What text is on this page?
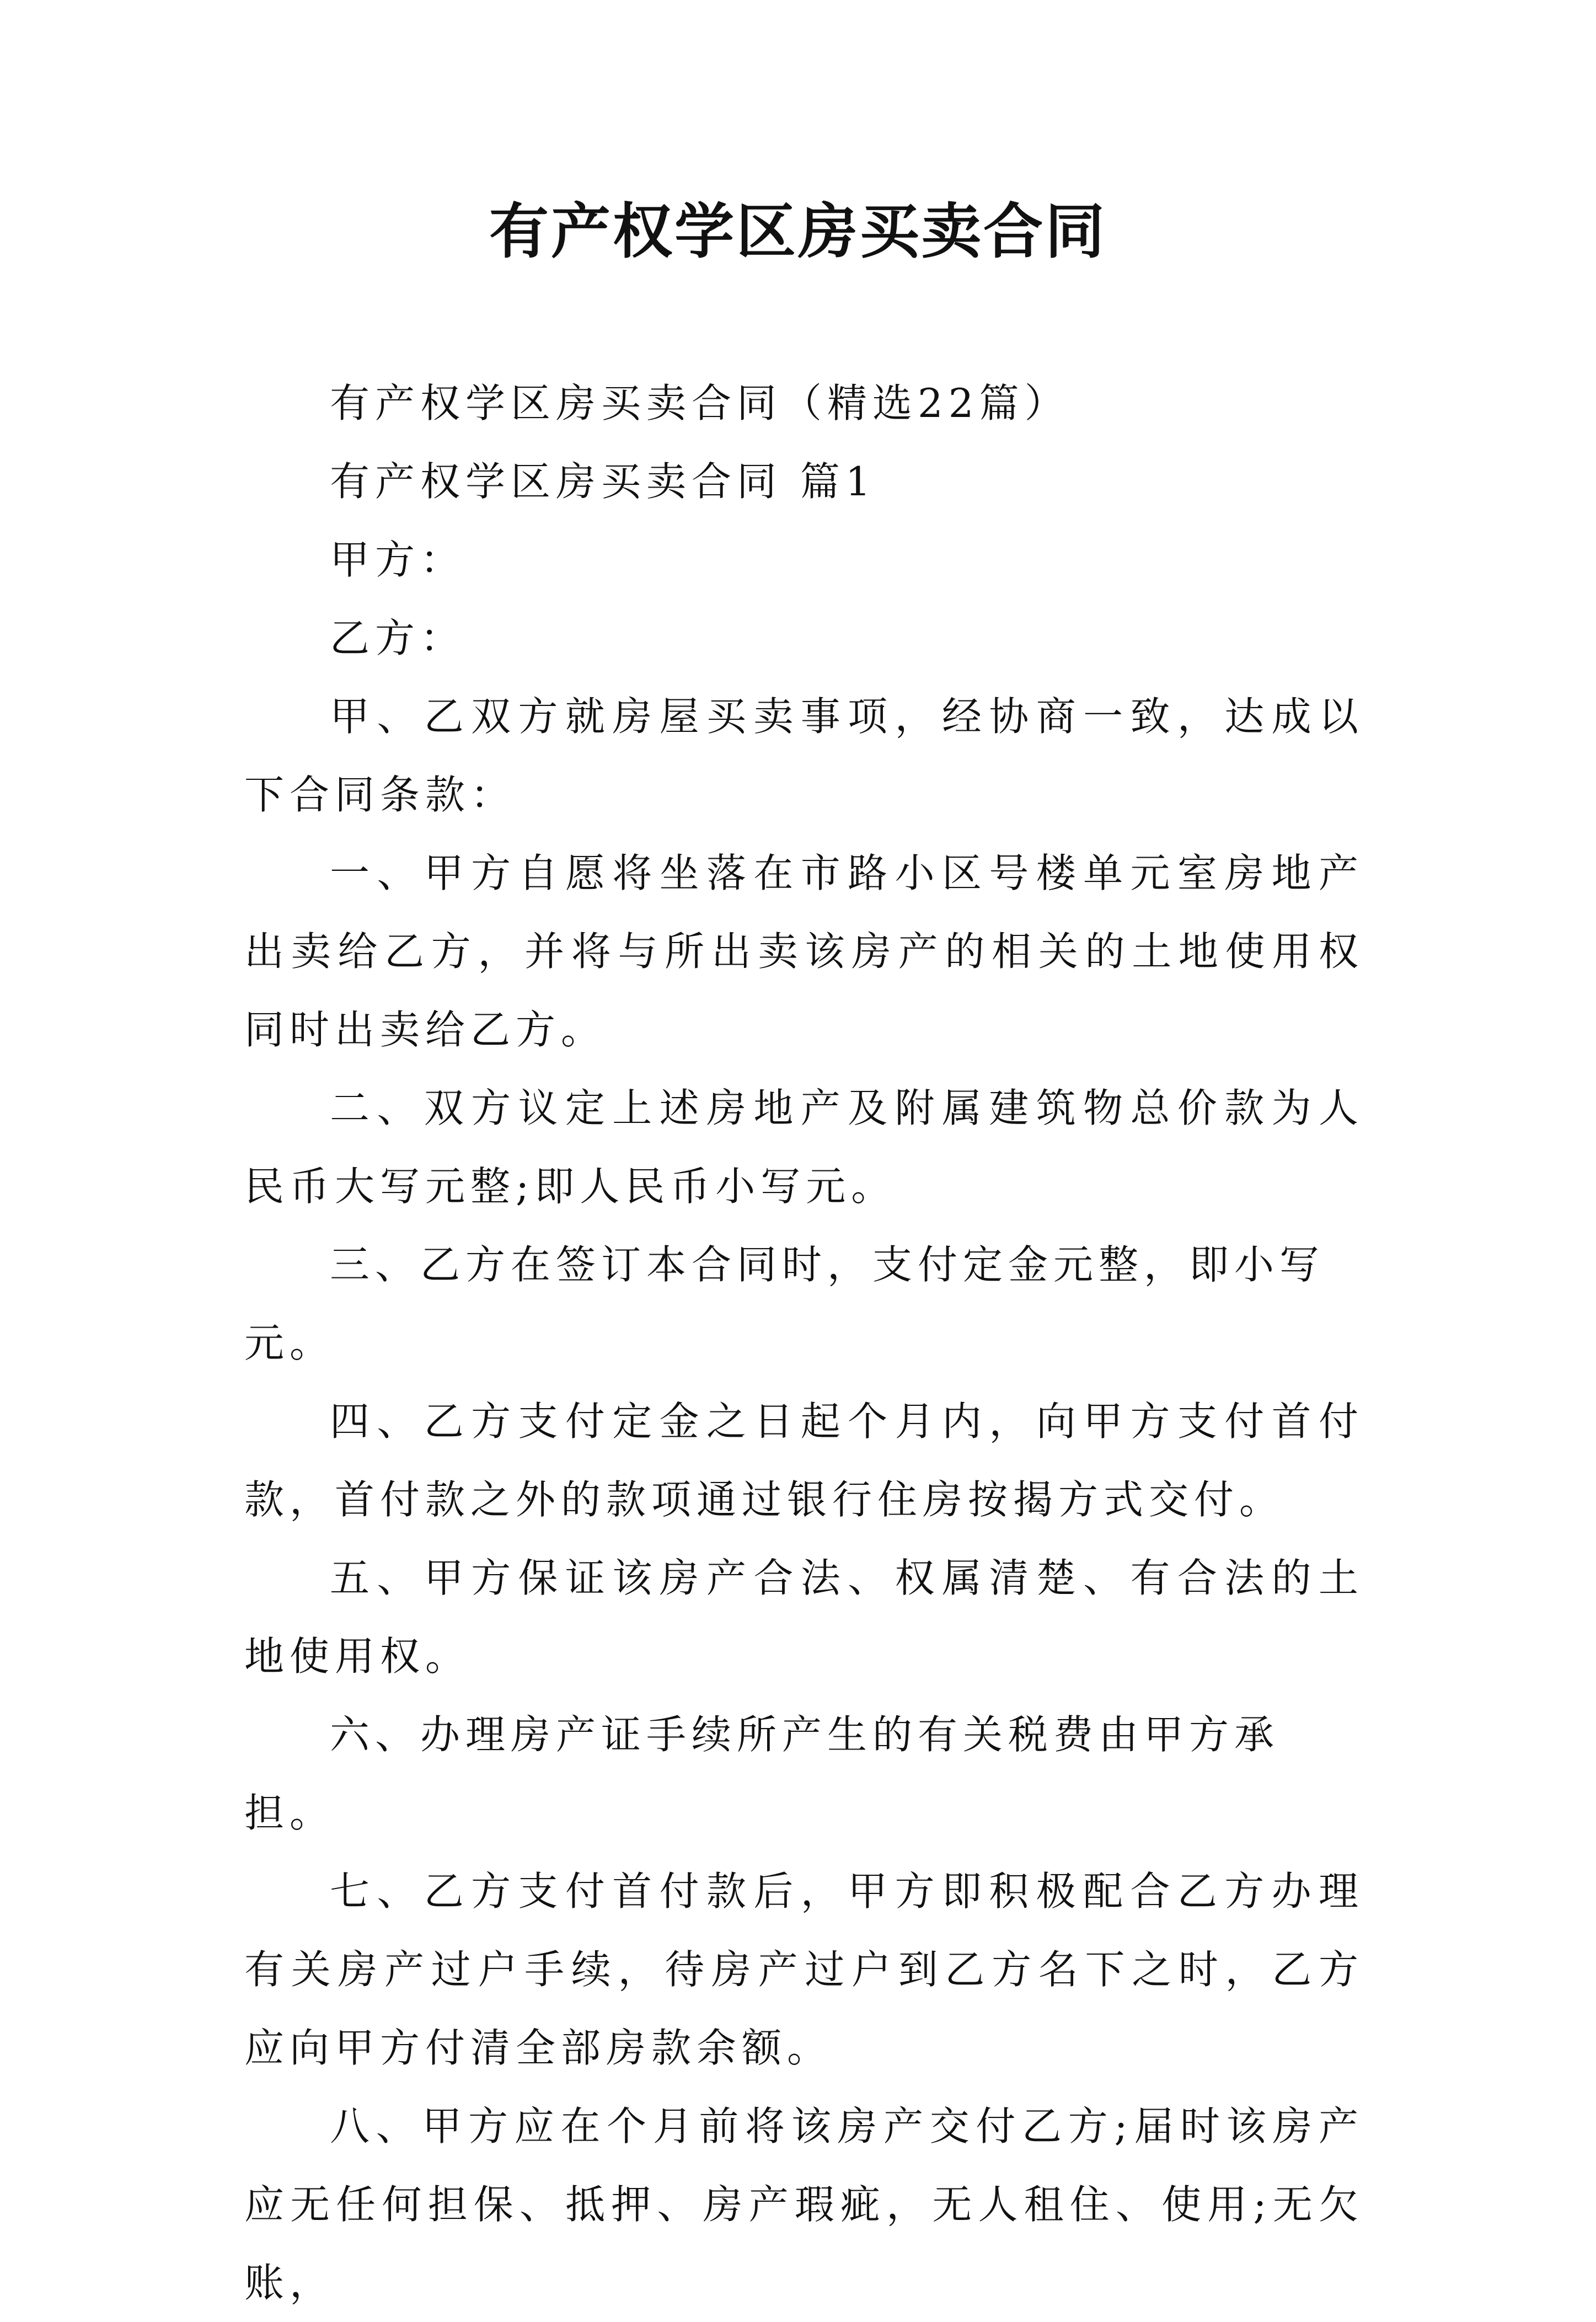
有产权学区房买卖合同

有产权学区房买卖合同（精选22篇）

有产权学区房买卖合同 篇1

甲方：

乙方：

甲、乙双方就房屋买卖事项，经协商一致，达成以下合同条款：

一、甲方自愿将坐落在市路小区号楼单元室房地产出卖给乙方，并将与所出卖该房产的相关的土地使用权同时出卖给乙方。

二、双方议定上述房地产及附属建筑物总价款为人民币大写元整;即人民币小写元。

三、乙方在签订本合同时，支付定金元整，即小写元。

四、乙方支付定金之日起个月内，向甲方支付首付款，首付款之外的款项通过银行住房按揭方式交付。

五、甲方保证该房产合法、权属清楚、有合法的土地使用权。

六、办理房产证手续所产生的有关税费由甲方承担。

七、乙方支付首付款后，甲方即积极配合乙方办理有关房产过户手续，待房产过户到乙方名下之时，乙方应向甲方付清全部房款余额。

八、甲方应在个月前将该房产交付乙方;届时该房产应无任何担保、抵押、房产瑕疵，无人租住、使用;无欠账，
